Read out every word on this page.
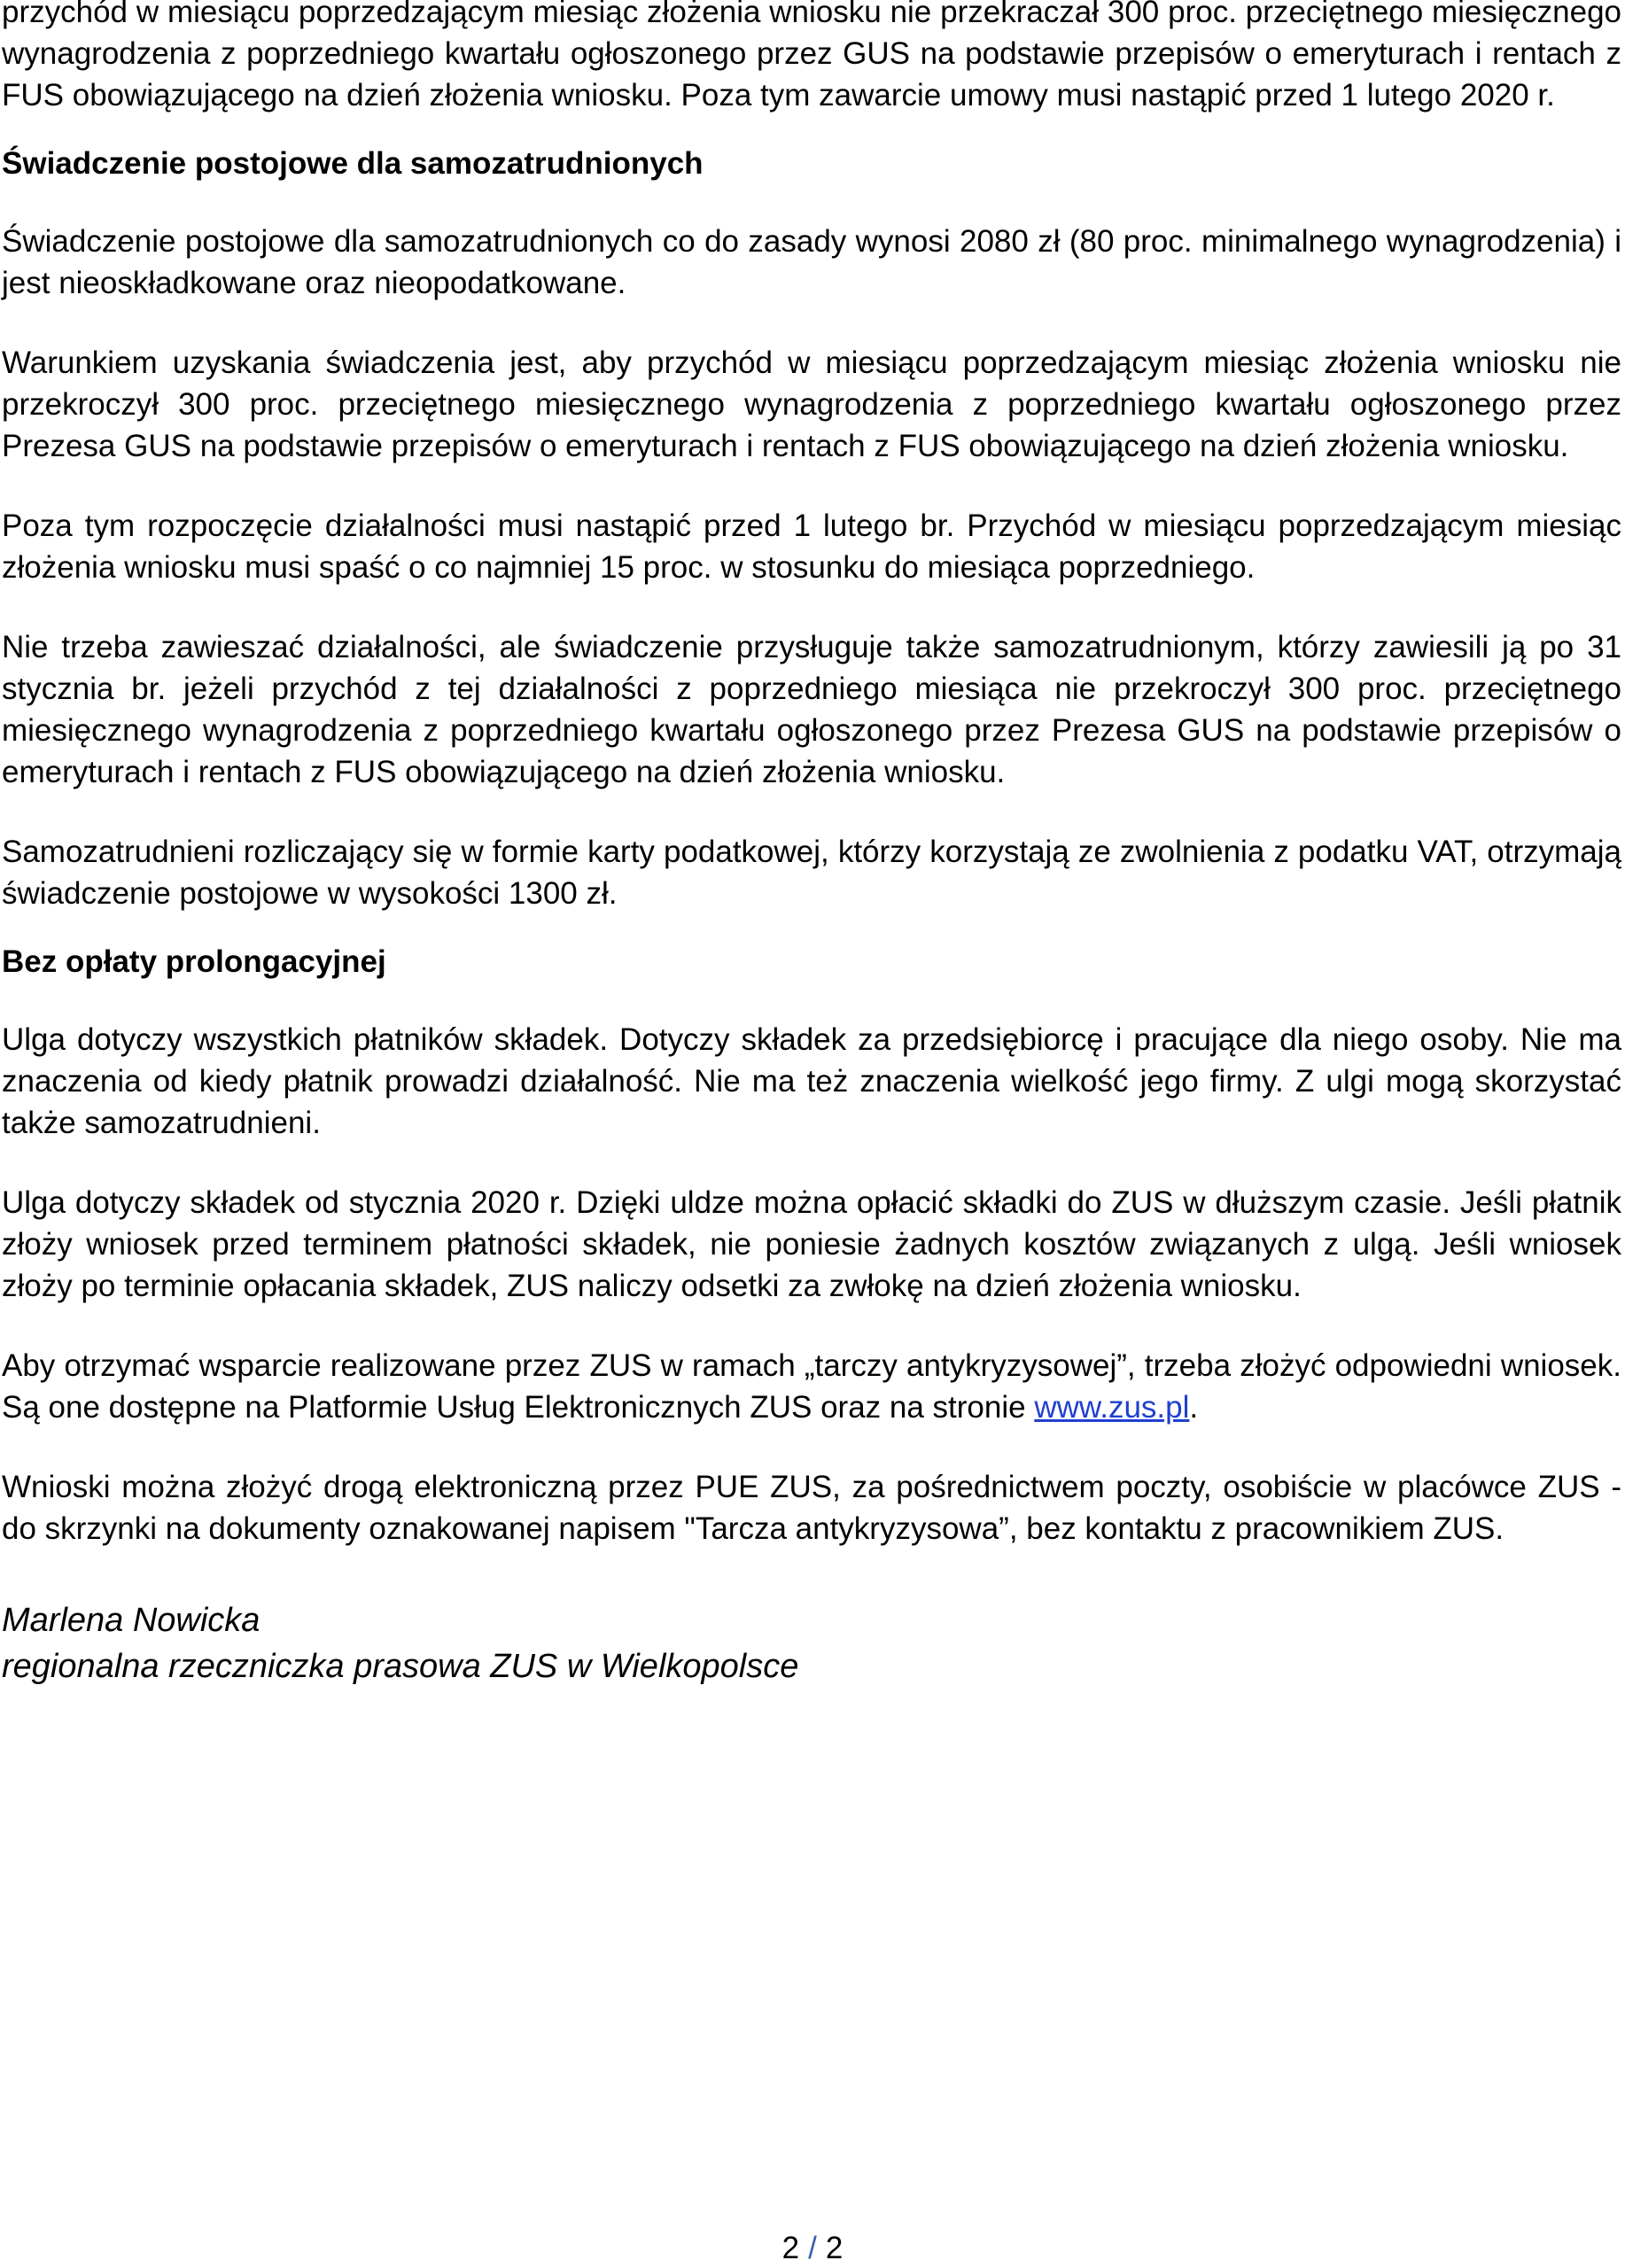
przychód w miesiącu poprzedzającym miesiąc złożenia wniosku nie przekraczał 300 proc. przeciętnego miesięcznego wynagrodzenia z poprzedniego kwartału ogłoszonego przez GUS na podstawie przepisów o emeryturach i rentach z FUS obowiązującego na dzień złożenia wniosku. Poza tym zawarcie umowy musi nastąpić przed 1 lutego 2020 r.

Świadczenie postojowe dla samozatrudnionych

Świadczenie postojowe dla samozatrudnionych co do zasady wynosi 2080 zł (80 proc. minimalnego wynagrodzenia) i jest nieoskładkowane oraz nieopodatkowane.

Warunkiem uzyskania świadczenia jest, aby przychód w miesiącu poprzedzającym miesiąc złożenia wniosku nie przekroczył 300 proc. przeciętnego miesięcznego wynagrodzenia z poprzedniego kwartału ogłoszonego przez Prezesa GUS na podstawie przepisów o emeryturach i rentach z FUS obowiązującego na dzień złożenia wniosku.

Poza tym rozpoczęcie działalności musi nastąpić przed 1 lutego br. Przychód w miesiącu poprzedzającym miesiąc złożenia wniosku musi spaść o co najmniej 15 proc. w stosunku do miesiąca poprzedniego.

Nie trzeba zawieszać działalności, ale świadczenie przysługuje także samozatrudnionym, którzy zawiesili ją po 31 stycznia br. jeżeli przychód z tej działalności z poprzedniego miesiąca nie przekroczył 300 proc. przeciętnego miesięcznego wynagrodzenia z poprzedniego kwartału ogłoszonego przez Prezesa GUS na podstawie przepisów o emeryturach i rentach z FUS obowiązującego na dzień złożenia wniosku.

Samozatrudnieni rozliczający się w formie karty podatkowej, którzy korzystają ze zwolnienia z podatku VAT, otrzymają świadczenie postojowe w wysokości 1300 zł.

Bez opłaty prolongacyjnej

Ulga dotyczy wszystkich płatników składek. Dotyczy składek za przedsiębiorcę i pracujące dla niego osoby. Nie ma znaczenia od kiedy płatnik prowadzi działalność. Nie ma też znaczenia wielkość jego firmy. Z ulgi mogą skorzystać także samozatrudnieni.

Ulga dotyczy składek od stycznia 2020 r. Dzięki uldze można opłacić składki do ZUS w dłuższym czasie. Jeśli płatnik złoży wniosek przed terminem płatności składek, nie poniesie żadnych kosztów związanych z ulgą. Jeśli wniosek złoży po terminie opłacania składek, ZUS naliczy odsetki za zwłokę na dzień złożenia wniosku.

Aby otrzymać wsparcie realizowane przez ZUS w ramach „tarczy antykryzysowej”, trzeba złożyć odpowiedni wniosek. Są one dostępne na Platformie Usług Elektronicznych ZUS oraz na stronie www.zus.pl.

Wnioski można złożyć drogą elektroniczną przez PUE ZUS, za pośrednictwem poczty, osobiście w placówce ZUS - do skrzynki na dokumenty oznakowanej napisem "Tarcza antykryzysowa”, bez kontaktu z pracownikiem ZUS.

Marlena Nowicka
regionalna rzeczniczka prasowa ZUS w Wielkopolsce
2 / 2
